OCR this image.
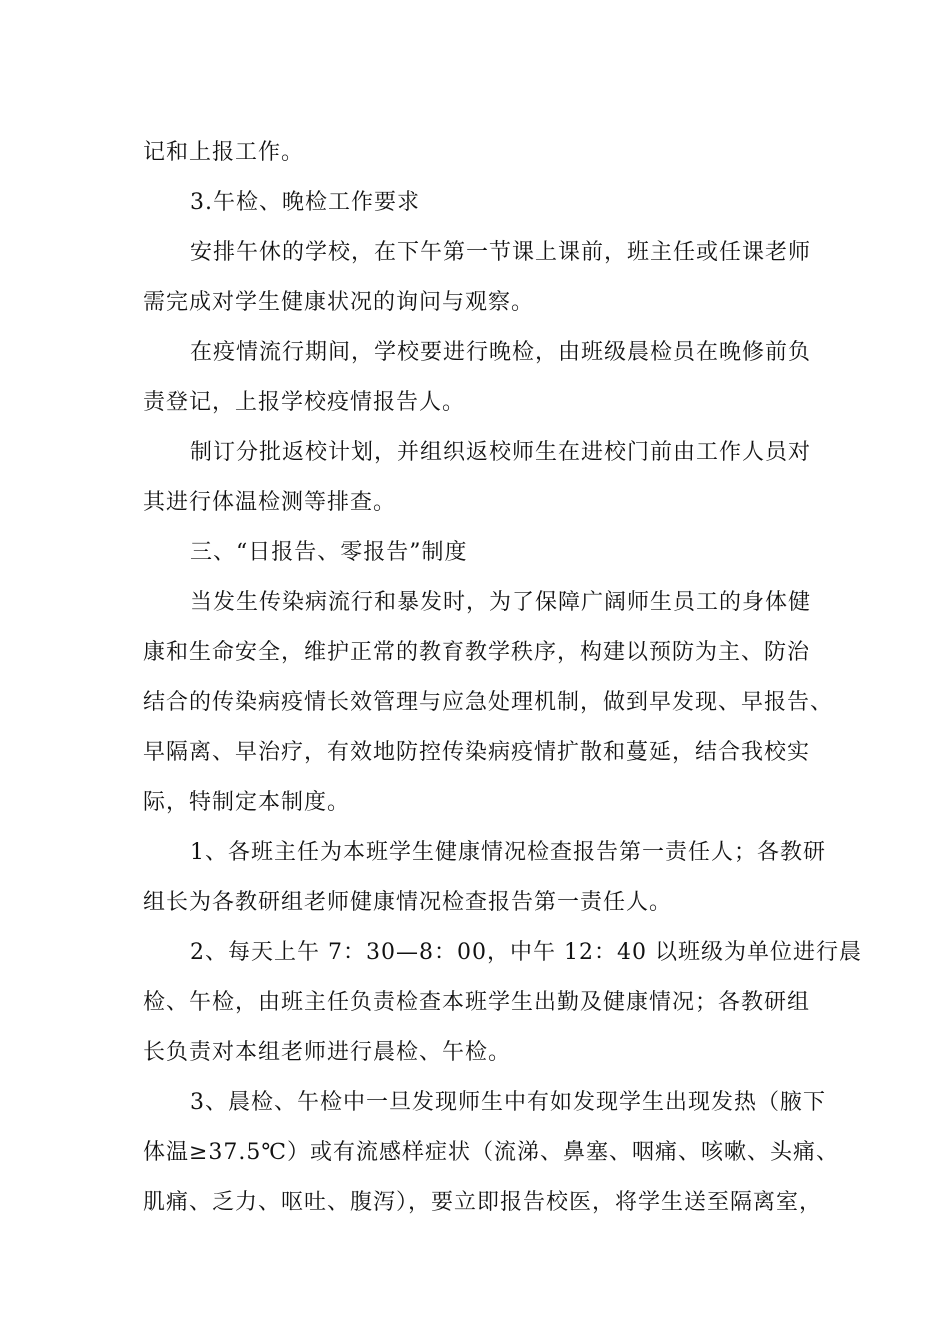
记和上报工作。
3.午检、晚检工作要求
安排午休的学校，在下午第一节课上课前，班主任或任课老师
需完成对学生健康状况的询问与观察。
在疫情流行期间，学校要进行晚检，由班级晨检员在晚修前负
责登记，上报学校疫情报告人。
制订分批返校计划，并组织返校师生在进校门前由工作人员对
其进行体温检测等排查。
三、“日报告、零报告”制度
当发生传染病流行和暴发时，为了保障广阔师生员工的身体健
康和生命安全，维护正常的教育教学秩序，构建以预防为主、防治
结合的传染病疫情长效管理与应急处理机制，做到早发现、早报告、
早隔离、早治疗，有效地防控传染病疫情扩散和蔓延，结合我校实
际，特制定本制度。
1、各班主任为本班学生健康情况检查报告第一责任人；各教研
组长为各教研组老师健康情况检查报告第一责任人。
2、每天上午 7：30—8：00，中午 12：40 以班级为单位进行晨
检、午检，由班主任负责检查本班学生出勤及健康情况；各教研组
长负责对本组老师进行晨检、午检。
3、晨检、午检中一旦发现师生中有如发现学生出现发热（腋下
体温≥37.5℃）或有流感样症状（流涕、鼻塞、咽痛、咳嗽、头痛、
肌痛、乏力、呕吐、腹泻），要立即报告校医，将学生送至隔离室，
